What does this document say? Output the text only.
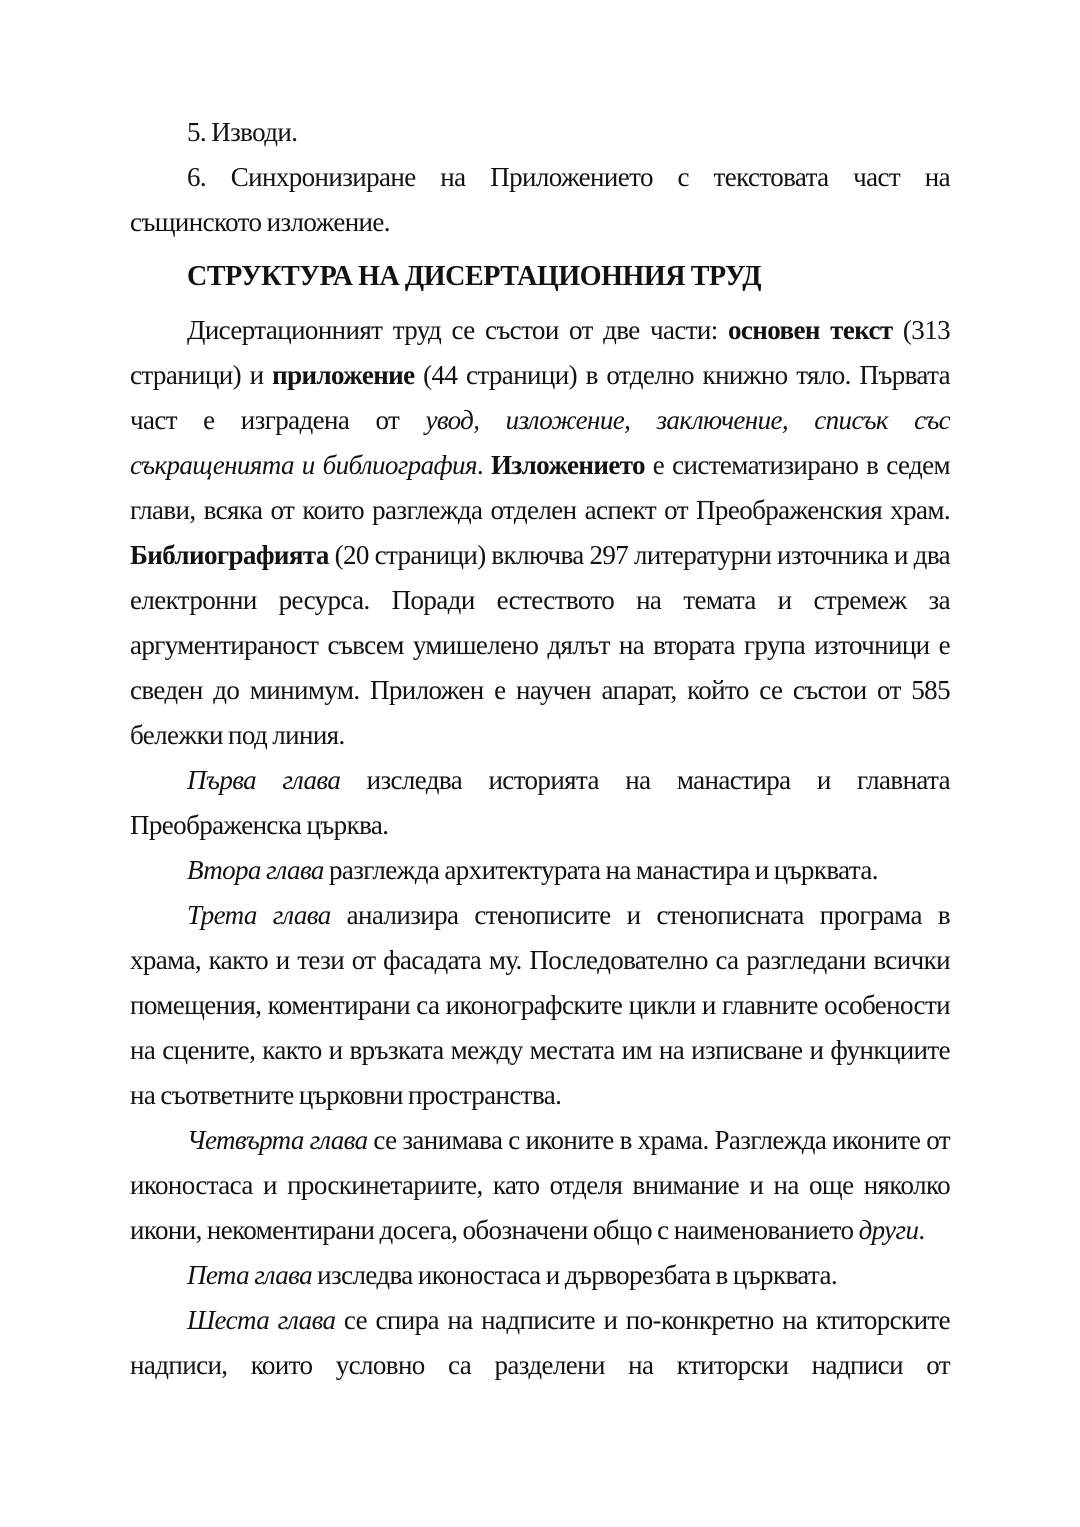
5. Изводи.

6. Синхронизиране на Приложението с текстовата част на същинското изложение.

СТРУКТУРА НА ДИСЕРТАЦИОННИЯ ТРУД

Дисертационният труд се състои от две части: основен текст (313 страници) и приложение (44 страници) в отделно книжно тяло. Първата част е изградена от увод, изложение, заключение, списък със съкращенията и библиография. Изложението е систематизирано в седем глави, всяка от които разглежда отделен аспект от Преображенския храм. Библиографията (20 страници) включва 297 литературни източника и два електронни ресурса. Поради естеството на темата и стремеж за аргументираност съвсем умишелено дялът на втората група източници е сведен до минимум. Приложен е научен апарат, който се състои от 585 бележки под линия.

Първа глава изследва историята на манастира и главната Преображенска църква.

Втора глава разглежда архитектурата на манастира и църквата.

Трета глава анализира стенописите и стенописната програма в храма, както и тези от фасадата му. Последователно са разгледани всички помещения, коментирани са иконографските цикли и главните особености на сцените, както и връзката между местата им на изписване и функциите на съответните църковни пространства.

Четвърта глава се занимава с иконите в храма. Разглежда иконите от иконостаса и проскинетариите, като отделя внимание и на още няколко икони, некоментирани досега, обозначени общо с наименованието други.

Пета глава изследва иконостаса и дърворезбата в църквата.

Шеста глава се спира на надписите и по-конкретно на ктиторските надписи, които условно са разделени на ктиторски надписи от
